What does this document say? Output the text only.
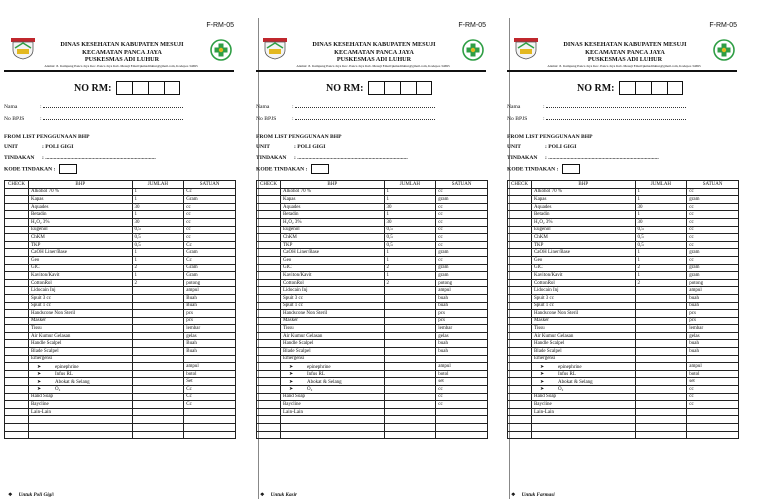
F-RM-05
DINAS KESEHATAN KABUPATEN MESUJI
KECAMATAN PANCA JAYA
PUSKESMAS ADI LUHUR
Alamat: Jl. Kampung Panca Jaya Kec. Panca Jaya Kab. Mesuji Email:pkmadiluhur@gmail.com, Kodepos 34695
NO RM:
Nama	:
No BPJS	:
FROM LIST PENGGUNAAN BHP
UNIT	: POLI GIGI
TINDAKAN : ...............................................................................
KODE TINDAKAN :
CHECK	BHP	JUMLAH	SATUAN
	Alkohol 70 %	1	Cc
	Kapas	1	Gram
	Aquades	30	cc
	Betadin	1	cc
	H₂O₂ 3%	30	cc
	Eugenol	0,5	cc
	ChKM	0,5	cc
	TKP	0,5	Cc
	CaOH Liner/Base	1	Gram
	Geo	1	Cc
	GIC	2	Gram
	Kaviton/Kavit	1	Gram
	CottonRol	2	potong
	Lidocain Inj		ampul
	Spuit 3 cc		Buah
	Spuit 1 cc		Buah
	Handscone Non Steril		pcs
	Masker		pcs
	Tissu		lembar
	Air Kumur Gelasan		gelas
	Handle Scalpel		Buah
	Blade Scalpel		Buah
	Emergensi		
	➤ epinephrine		ampul
	➤ Infus RL		botol
	➤ Abokat & Selang		Set
	➤ O₂		Cc
	Hand Soap		Cc
	Baycline		Cc
	Lain-Lain		

❖ Untuk Poli Gigi\
F-RM-05
DINAS KESEHATAN KABUPATEN MESUJI
KECAMATAN PANCA JAYA
PUSKESMAS ADI LUHUR
Alamat: Jl. Kampung Panca Jaya Kec. Panca Jaya Kab. Mesuji Email:pkmadiluhur@gmail.com, Kodepos 34695
NO RM:
Nama	:
No BPJS	:
FROM LIST PENGGUNAAN BHP
UNIT	: POLI GIGI
TINDAKAN : ...............................................................................
KODE TINDAKAN :
CHECK	BHP	JUMLAH	SATUAN
	Alkohol 70 %	1	cc
	Kapas	1	gram
	Aquades	30	cc
	Betadin	1	cc
	H₂O₂ 3%	30	cc
	Eugenol	0,5	cc
	ChKM	0,5	cc
	TKP	0,5	cc
	CaOH Liner/Base	1	gram
	Geo	1	cc
	GIC	2	gram
	Kaviton/Kavit	1	gram
	CottonRol	2	potong
	Lidocain Inj		ampul
	Spuit 3 cc		buah
	Spuit 1 cc		buah
	Handscone Non Steril		pcs
	Masker		pcs
	Tissu		lembar
	Air Kumur Gelasan		gelas
	Handle Scalpel		buah
	Blade Scalpel		buah
	Emergensi		
	➤ epinephrine		ampul
	➤ Infus RL		botol
	➤ Abokat & Selang		set
	➤ O₂		cc
	Hand Soap		cc
	Baycline		cc
	Lain-Lain		

❖ Untuk Kasir
F-RM-05
DINAS KESEHATAN KABUPATEN MESUJI
KECAMATAN PANCA JAYA
PUSKESMAS ADI LUHUR
Alamat: Jl. Kampung Panca Jaya Kec. Panca Jaya Kab. Mesuji Email:pkmadiluhur@gmail.com, Kodepos 34695
NO RM:
Nama	:
No BPJS	:
FROM LIST PENGGUNAAN BHP
UNIT	: POLI GIGI
TINDAKAN : ...............................................................................
KODE TINDAKAN :
CHECK	BHP	JUMLAH	SATUAN
	Alkohol 70 %	1	cc
	Kapas	1	gram
	Aquades	30	cc
	Betadin	1	cc
	H₂O₂ 3%	30	cc
	Eugenol	0,5	cc
	ChKM	0,5	cc
	TKP	0,5	cc
	CaOH Liner/Base	1	gram
	Geo	1	cc
	GIC	2	gram
	Kaviton/Kavit	1	gram
	CottonRol	2	potong
	Lidocain Inj		ampul
	Spuit 3 cc		buah
	Spuit 1 cc		buah
	Handscone Non Steril		pcs
	Masker		pcs
	Tissu		lembar
	Air Kumur Gelasan		gelas
	Handle Scalpel		buah
	Blade Scalpel		buah
	Emergensi		
	➤ epinephrine		ampul
	➤ Infus RL		botol
	➤ Abokat & Selang		set
	➤ O₂		cc
	Hand Soap		cc
	Baycline		cc
	Lain-Lain		

❖ Untuk Farmasi
